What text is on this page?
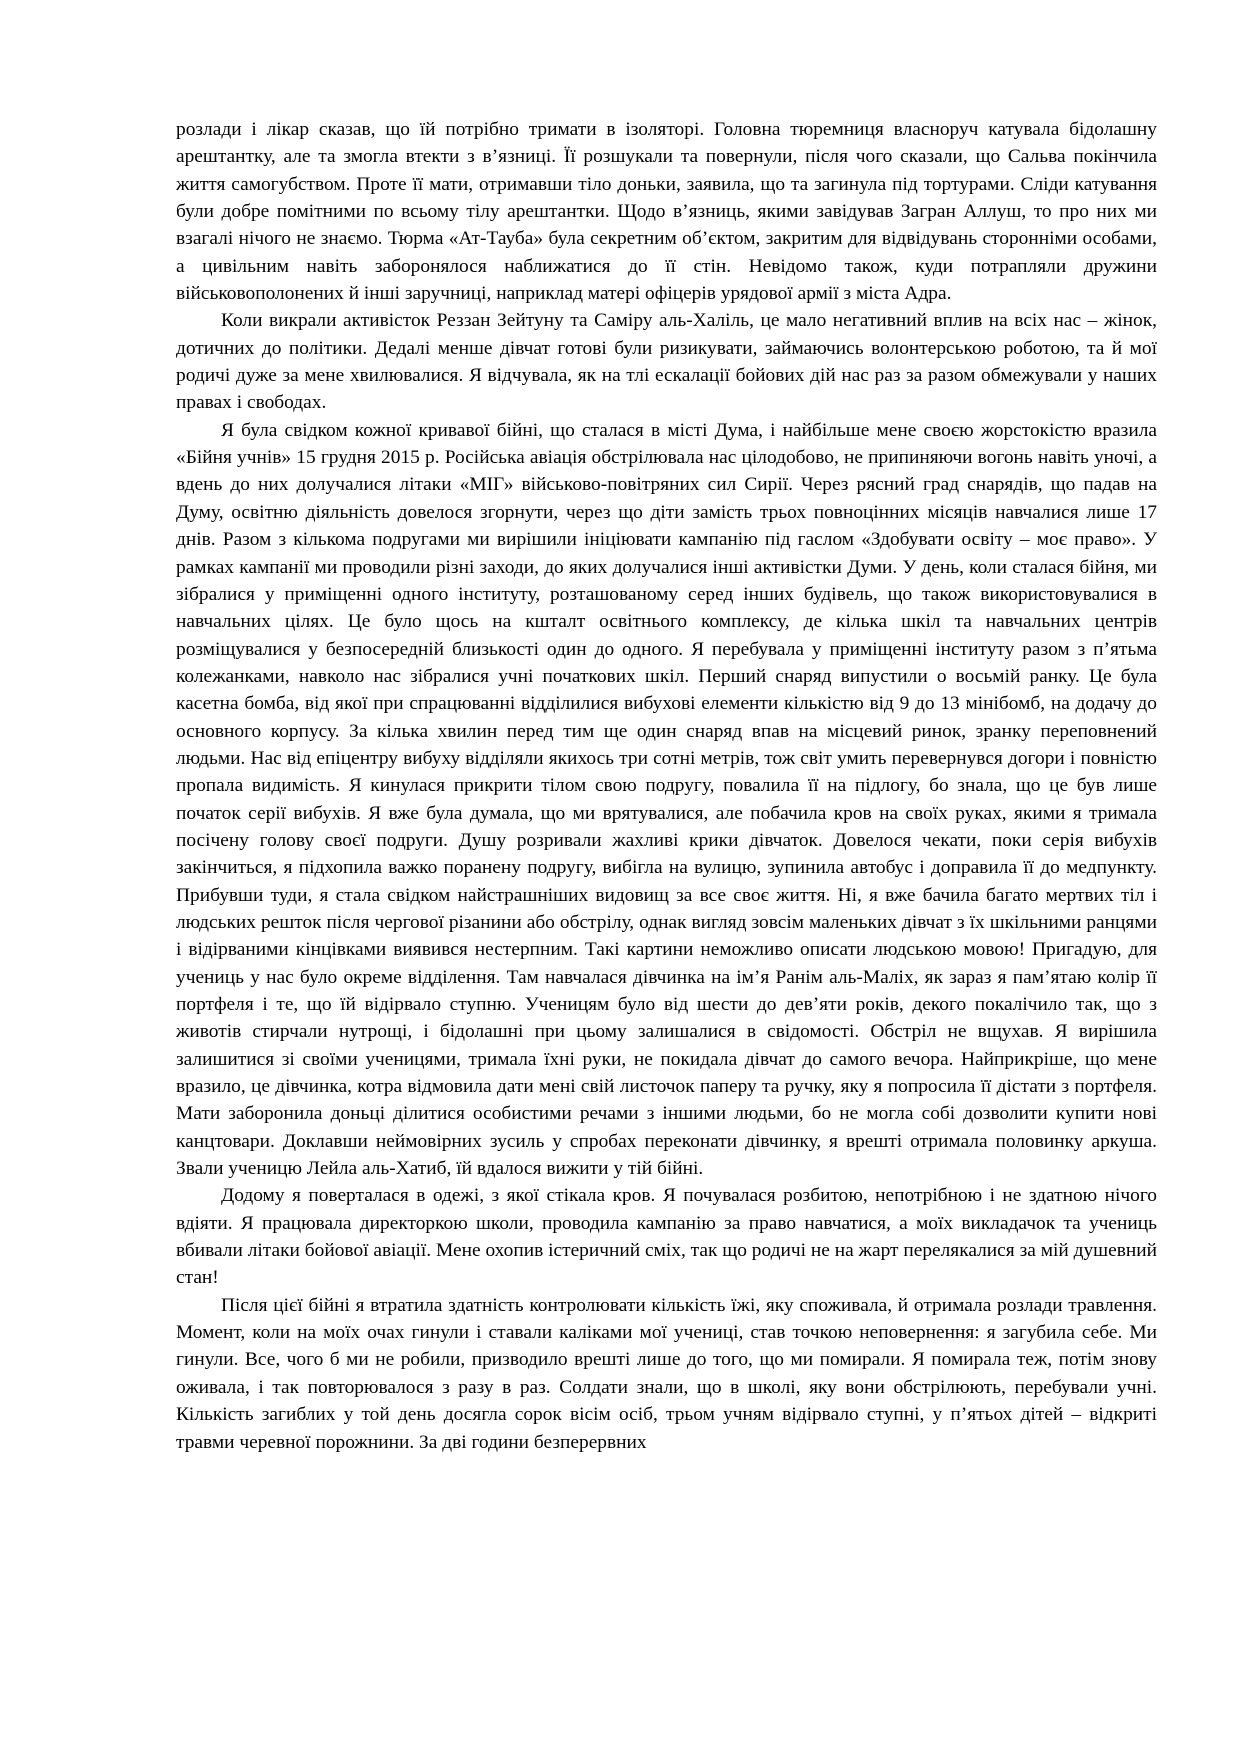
розлади і лікар сказав, що їй потрібно тримати в ізоляторі. Головна тюремниця власноруч катувала бідолашну арештантку, але та змогла втекти з в’язниці. Її розшукали та повернули, після чого сказали, що Сальва покінчила життя самогубством. Проте її мати, отримавши тіло доньки, заявила, що та загинула під тортурами. Сліди катування були добре помітними по всьому тілу арештантки. Щодо в’язниць, якими завідував Загран Аллуш, то про них ми взагалі нічого не знаємо. Тюрма «Ат-Тауба» була секретним об’єктом, закритим для відвідувань сторонніми особами, а цивільним навіть заборонялося наближатися до її стін. Невідомо також, куди потрапляли дружини військовополонених й інші заручниці, наприклад матері офіцерів урядової армії з міста Адра.

Коли викрали активісток Реззан Зейтуну та Саміру аль-Халіль, це мало негативний вплив на всіх нас – жінок, дотичних до політики. Дедалі менше дівчат готові були ризикувати, займаючись волонтерською роботою, та й мої родичі дуже за мене хвилювалися. Я відчувала, як на тлі ескалації бойових дій нас раз за разом обмежували у наших правах і свободах.

Я була свідком кожної кривавої бійні, що сталася в місті Дума, і найбільше мене своєю жорстокістю вразила «Бійня учнів» 15 грудня 2015 р. Російська авіація обстрілювала нас цілодобово, не припиняючи вогонь навіть уночі, а вдень до них долучалися літаки «МІГ» військово-повітряних сил Сирії. Через рясний град снарядів, що падав на Думу, освітню діяльність довелося згорнути, через що діти замість трьох повноцінних місяців навчалися лише 17 днів. Разом з кількома подругами ми вирішили ініціювати кампанію під гаслом «Здобувати освіту – моє право». У рамках кампанії ми проводили різні заходи, до яких долучалися інші активістки Думи. У день, коли сталася бійня, ми зібралися у приміщенні одного інституту, розташованому серед інших будівель, що також використовувалися в навчальних цілях. Це було щось на кшталт освітнього комплексу, де кілька шкіл та навчальних центрів розміщувалися у безпосередній близькості один до одного. Я перебувала у приміщенні інституту разом з п’ятьма колежанками, навколо нас зібралися учні початкових шкіл. Перший снаряд випустили о восьмій ранку. Це була касетна бомба, від якої при спрацюванні відділилися вибухові елементи кількістю від 9 до 13 мінібомб, на додачу до основного корпусу. За кілька хвилин перед тим ще один снаряд впав на місцевий ринок, зранку переповнений людьми. Нас від епіцентру вибуху відділяли якихось три сотні метрів, тож світ умить перевернувся догори і повністю пропала видимість. Я кинулася прикрити тілом свою подругу, повалила її на підлогу, бо знала, що це був лише початок серії вибухів. Я вже була думала, що ми врятувалися, але побачила кров на своїх руках, якими я тримала посічену голову своєї подруги. Душу розривали жахливі крики дівчаток. Довелося чекати, поки серія вибухів закінчиться, я підхопила важко поранену подругу, вибігла на вулицю, зупинила автобус і доправила її до медпункту. Прибувши туди, я стала свідком найстрашніших видовищ за все своє життя. Ні, я вже бачила багато мертвих тіл і людських решток після чергової різанини або обстрілу, однак вигляд зовсім маленьких дівчат з їх шкільними ранцями і відірваними кінцівками виявився нестерпним. Такі картини неможливо описати людською мовою! Пригадую, для учениць у нас було окреме відділення. Там навчалася дівчинка на ім’я Ранім аль-Маліх, як зараз я пам’ятаю колір її портфеля і те, що їй відірвало ступню. Ученицям було від шести до дев’яти років, декого покалічило так, що з животів стирчали нутрощі, і бідолашні при цьому залишалися в свідомості. Обстріл не вщухав. Я вирішила залишитися зі своїми ученицями, тримала їхні руки, не покидала дівчат до самого вечора. Найприкріше, що мене вразило, це дівчинка, котра відмовила дати мені свій листочок паперу та ручку, яку я попросила її дістати з портфеля. Мати заборонила доньці ділитися особистими речами з іншими людьми, бо не могла собі дозволити купити нові канцтовари. Доклавши неймовірних зусиль у спробах переконати дівчинку, я врешті отримала половинку аркуша. Звали ученицю Лейла аль-Хатиб, їй вдалося вижити у тій бійні.

Додому я поверталася в одежі, з якої стікала кров. Я почувалася розбитою, непотрібною і не здатною нічого вдіяти. Я працювала директоркою школи, проводила кампанію за право навчатися, а моїх викладачок та учениць вбивали літаки бойової авіації. Мене охопив істеричний сміх, так що родичі не на жарт перелякалися за мій душевний стан!

Після цієї бійні я втратила здатність контролювати кількість їжі, яку споживала, й отримала розлади травлення. Момент, коли на моїх очах гинули і ставали каліками мої учениці, став точкою неповернення: я загубила себе. Ми гинули. Все, чого б ми не робили, призводило врешті лише до того, що ми помирали. Я помирала теж, потім знову оживала, і так повторювалося з разу в раз. Солдати знали, що в школі, яку вони обстрілюють, перебували учні. Кількість загиблих у той день досягла сорок вісім осіб, трьом учням відірвало ступні, у п’ятьох дітей – відкриті травми черевної порожнини. За дві години безперервних
